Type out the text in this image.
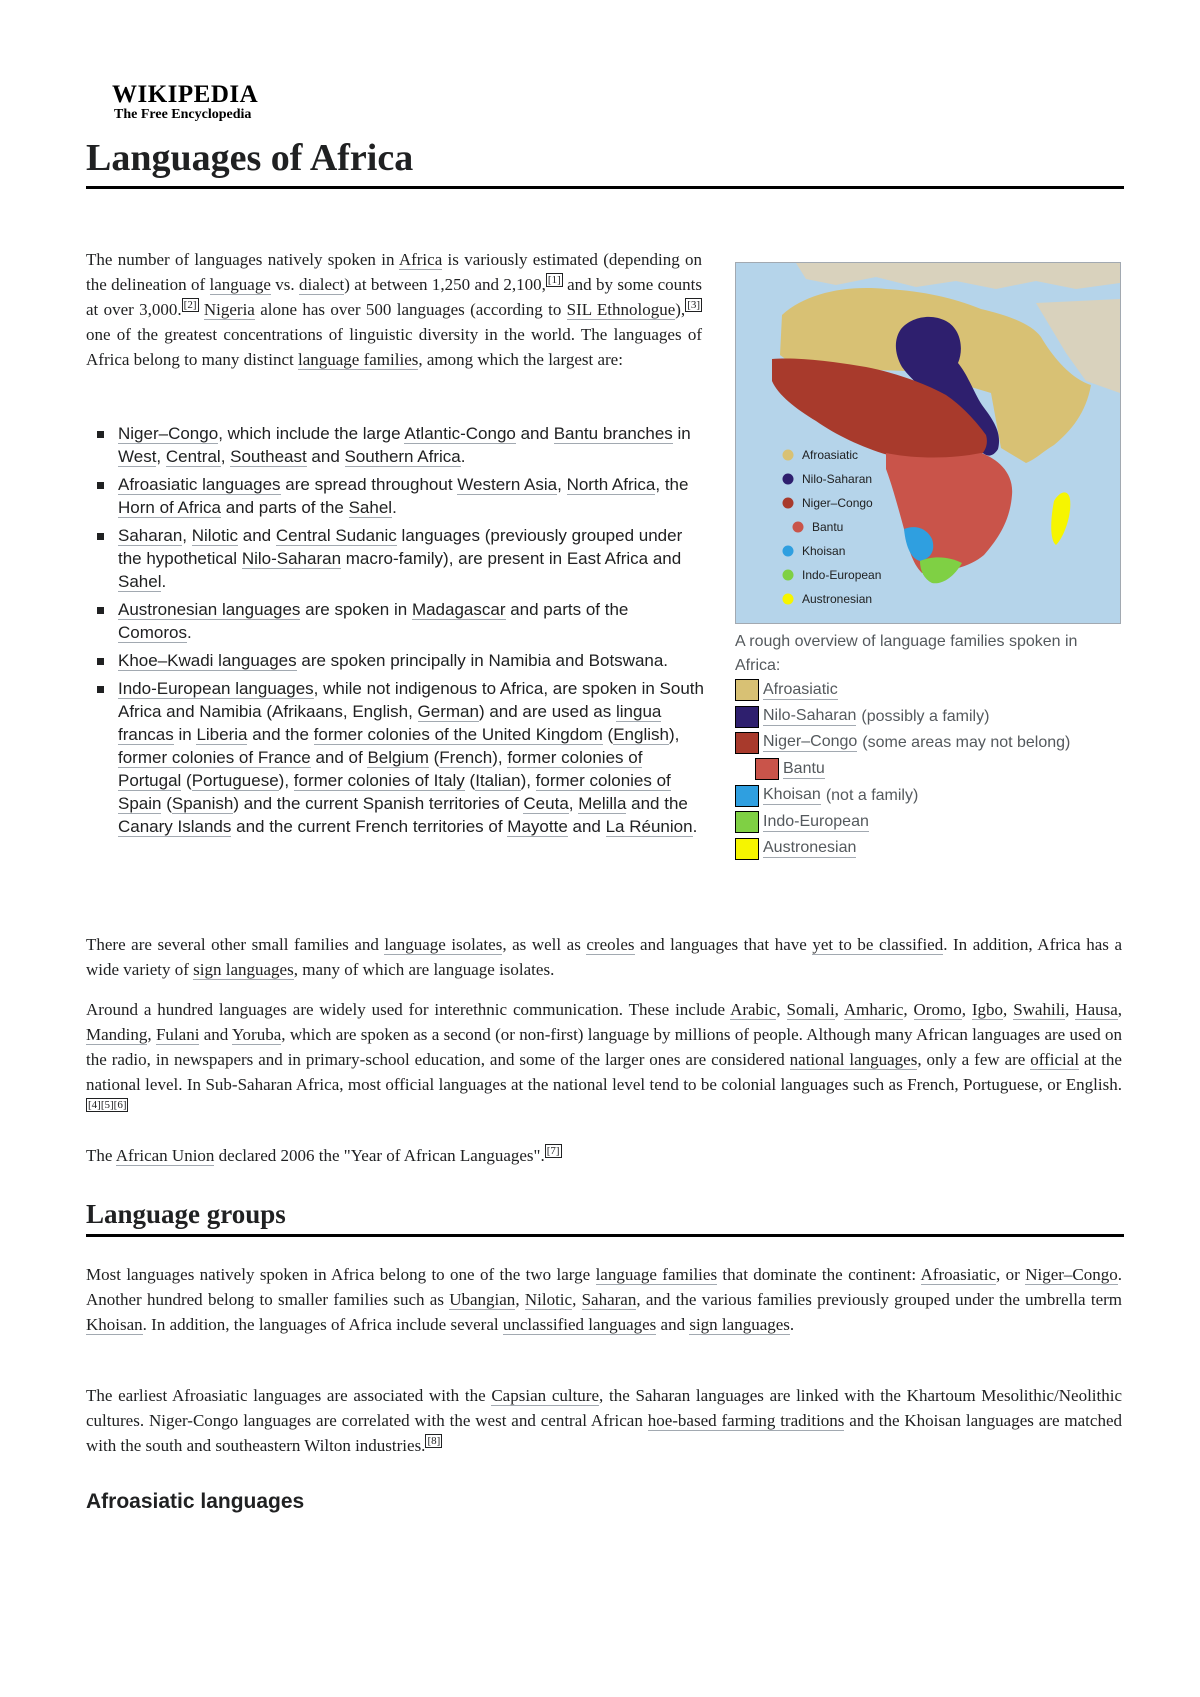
WIKIPEDIA
The Free Encyclopedia
Languages of Africa

The number of languages natively spoken in Africa is variously estimated (depending on the delineation of language vs. dialect) at between 1,250 and 2,100, [1] and by some counts at over 3,000. [2] Nigeria alone has over 500 languages (according to SIL Ethnologue), [3] one of the greatest concentrations of linguistic diversity in the world. The languages of Africa belong to many distinct language families, among which the largest are:

Niger–Congo, which include the large Atlantic-Congo and Bantu branches in West, Central, Southeast and Southern Africa.
Afroasiatic languages are spread throughout Western Asia, North Africa, the Horn of Africa and parts of the Sahel.
Saharan, Nilotic and Central Sudanic languages (previously grouped under the hypothetical Nilo-Saharan macro-family), are present in East Africa and Sahel.
Austronesian languages are spoken in Madagascar and parts of the Comoros.
Khoe–Kwadi languages are spoken principally in Namibia and Botswana.
Indo-European languages, while not indigenous to Africa, are spoken in South Africa and Namibia (Afrikaans, English, German) and are used as lingua francas in Liberia and the former colonies of the United Kingdom (English), former colonies of France and of Belgium (French), former colonies of Portugal (Portuguese), former colonies of Italy (Italian), former colonies of Spain (Spanish) and the current Spanish territories of Ceuta, Melilla and the Canary Islands and the current French territories of Mayotte and La Réunion.
Afroasiatic
Nilo-Saharan
Niger–Congo
Bantu
Khoisan
Indo-European
Austronesian
A rough overview of language families spoken in Africa:
Afroasiatic
Nilo-Saharan (possibly a family)
Niger–Congo (some areas may not belong)
Bantu
Khoisan (not a family)
Indo-European
Austronesian

There are several other small families and language isolates, as well as creoles and languages that have yet to be classified. In addition, Africa has a wide variety of sign languages, many of which are language isolates.

Around a hundred languages are widely used for interethnic communication. These include Arabic, Somali, Amharic, Oromo, Igbo, Swahili, Hausa, Manding, Fulani and Yoruba, which are spoken as a second (or non-first) language by millions of people. Although many African languages are used on the radio, in newspapers and in primary-school education, and some of the larger ones are considered national languages, only a few are official at the national level. In Sub-Saharan Africa, most official languages at the national level tend to be colonial languages such as French, Portuguese, or English.[4][5][6]

The African Union declared 2006 the "Year of African Languages". [7]

Language groups

Most languages natively spoken in Africa belong to one of the two large language families that dominate the continent: Afroasiatic, or Niger–Congo. Another hundred belong to smaller families such as Ubangian, Nilotic, Saharan, and the various families previously grouped under the umbrella term Khoisan. In addition, the languages of Africa include several unclassified languages and sign languages.

The earliest Afroasiatic languages are associated with the Capsian culture, the Saharan languages are linked with the Khartoum Mesolithic/Neolithic cultures. Niger-Congo languages are correlated with the west and central African hoe-based farming traditions and the Khoisan languages are matched with the south and southeastern Wilton industries. [8]

Afroasiatic languages
